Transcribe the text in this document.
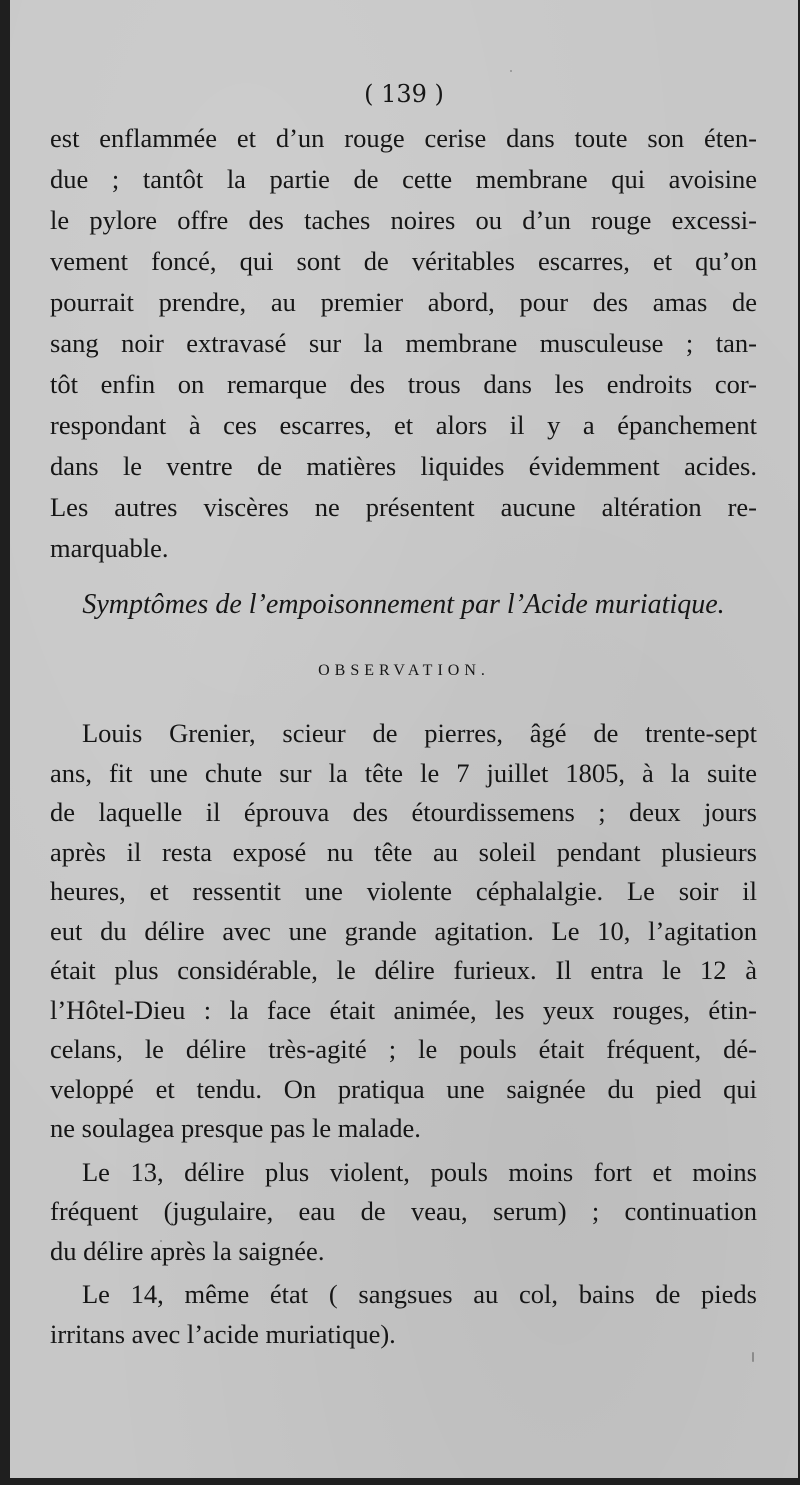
( 139 )
est enflammée et d’un rouge cerise dans toute son éten-
due ; tantôt la partie de cette membrane qui avoisine
le pylore offre des taches noires ou d’un rouge excessi-
vement foncé, qui sont de véritables escarres, et qu’on
pourrait prendre, au premier abord, pour des amas de
sang noir extravasé sur la membrane musculeuse ; tan-
tôt enfin on remarque des trous dans les endroits cor-
respondant à ces escarres, et alors il y a épanchement
dans le ventre de matières liquides évidemment acides.
Les autres viscères ne présentent aucune altération re-
marquable.
Symptômes de l’empoisonnement par l’Acide muriatique.
OBSERVATION.
Louis Grenier, scieur de pierres, âgé de trente-sept
ans, fit une chute sur la tête le 7 juillet 1805, à la suite
de laquelle il éprouva des étourdissemens ; deux jours
après il resta exposé nu tête au soleil pendant plusieurs
heures, et ressentit une violente céphalalgie. Le soir il
eut du délire avec une grande agitation. Le 10, l’agitation
était plus considérable, le délire furieux. Il entra le 12 à
l’Hôtel-Dieu : la face était animée, les yeux rouges, étin-
celans, le délire très-agité ; le pouls était fréquent, dé-
veloppé et tendu. On pratiqua une saignée du pied qui
ne soulagea presque pas le malade.
Le 13, délire plus violent, pouls moins fort et moins
fréquent (jugulaire, eau de veau, serum) ; continuation
du délire après la saignée.
Le 14, même état ( sangsues au col, bains de pieds
irritans avec l’acide muriatique).
